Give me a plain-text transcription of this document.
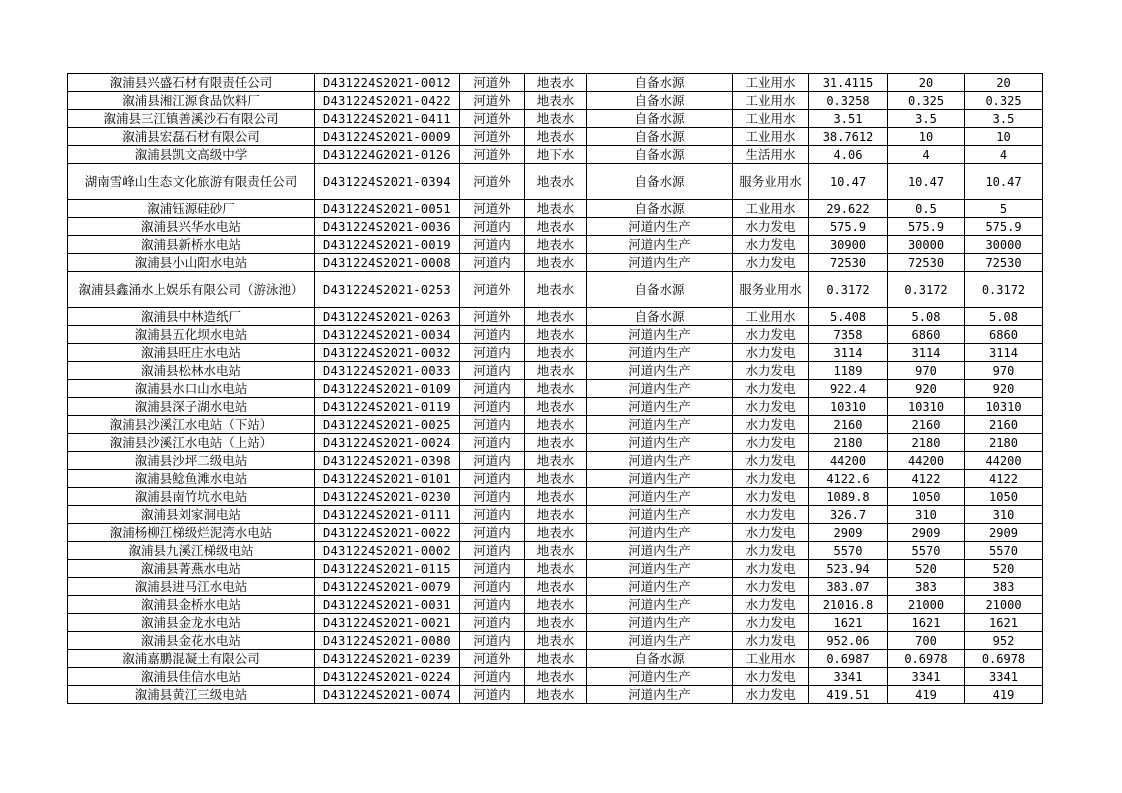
溆浦县兴盛石材有限责任公司	D431224S2021-0012	河道外	地表水	自备水源	工业用水	31.4115	20	20
溆浦县湘江源食品饮料厂	D431224S2021-0422	河道外	地表水	自备水源	工业用水	0.3258	0.325	0.325
溆浦县三江镇善溪沙石有限公司	D431224S2021-0411	河道外	地表水	自备水源	工业用水	3.51	3.5	3.5
溆浦县宏磊石材有限公司	D431224S2021-0009	河道外	地表水	自备水源	工业用水	38.7612	10	10
溆浦县凯文高级中学	D431224G2021-0126	河道外	地下水	自备水源	生活用水	4.06	4	4
湖南雪峰山生态文化旅游有限责任公司	D431224S2021-0394	河道外	地表水	自备水源	服务业用水	10.47	10.47	10.47
溆浦钰源硅砂厂	D431224S2021-0051	河道外	地表水	自备水源	工业用水	29.622	0.5	5
溆浦县兴华水电站	D431224S2021-0036	河道内	地表水	河道内生产	水力发电	575.9	575.9	575.9
溆浦县新桥水电站	D431224S2021-0019	河道内	地表水	河道内生产	水力发电	30900	30000	30000
溆浦县小山阳水电站	D431224S2021-0008	河道内	地表水	河道内生产	水力发电	72530	72530	72530
溆浦县鑫涌水上娱乐有限公司（游泳池）	D431224S2021-0253	河道外	地表水	自备水源	服务业用水	0.3172	0.3172	0.3172
溆浦县中林造纸厂	D431224S2021-0263	河道外	地表水	自备水源	工业用水	5.408	5.08	5.08
溆浦县五化坝水电站	D431224S2021-0034	河道内	地表水	河道内生产	水力发电	7358	6860	6860
溆浦县旺庄水电站	D431224S2021-0032	河道内	地表水	河道内生产	水力发电	3114	3114	3114
溆浦县松林水电站	D431224S2021-0033	河道内	地表水	河道内生产	水力发电	1189	970	970
溆浦县水口山水电站	D431224S2021-0109	河道内	地表水	河道内生产	水力发电	922.4	920	920
溆浦县深子湖水电站	D431224S2021-0119	河道内	地表水	河道内生产	水力发电	10310	10310	10310
溆浦县沙溪江水电站（下站）	D431224S2021-0025	河道内	地表水	河道内生产	水力发电	2160	2160	2160
溆浦县沙溪江水电站（上站）	D431224S2021-0024	河道内	地表水	河道内生产	水力发电	2180	2180	2180
溆浦县沙坪二级电站	D431224S2021-0398	河道内	地表水	河道内生产	水力发电	44200	44200	44200
溆浦县鲶鱼滩水电站	D431224S2021-0101	河道内	地表水	河道内生产	水力发电	4122.6	4122	4122
溆浦县南竹坑水电站	D431224S2021-0230	河道内	地表水	河道内生产	水力发电	1089.8	1050	1050
溆浦县刘家洞电站	D431224S2021-0111	河道内	地表水	河道内生产	水力发电	326.7	310	310
溆浦杨柳江梯级烂泥湾水电站	D431224S2021-0022	河道内	地表水	河道内生产	水力发电	2909	2909	2909
溆浦县九溪江梯级电站	D431224S2021-0002	河道内	地表水	河道内生产	水力发电	5570	5570	5570
溆浦县菁燕水电站	D431224S2021-0115	河道内	地表水	河道内生产	水力发电	523.94	520	520
溆浦县进马江水电站	D431224S2021-0079	河道内	地表水	河道内生产	水力发电	383.07	383	383
溆浦县金桥水电站	D431224S2021-0031	河道内	地表水	河道内生产	水力发电	21016.8	21000	21000
溆浦县金龙水电站	D431224S2021-0021	河道内	地表水	河道内生产	水力发电	1621	1621	1621
溆浦县金花水电站	D431224S2021-0080	河道内	地表水	河道内生产	水力发电	952.06	700	952
溆浦嘉鹏混凝土有限公司	D431224S2021-0239	河道外	地表水	自备水源	工业用水	0.6987	0.6978	0.6978
溆浦县佳信水电站	D431224S2021-0224	河道内	地表水	河道内生产	水力发电	3341	3341	3341
溆浦县黄江三级电站	D431224S2021-0074	河道内	地表水	河道内生产	水力发电	419.51	419	419
